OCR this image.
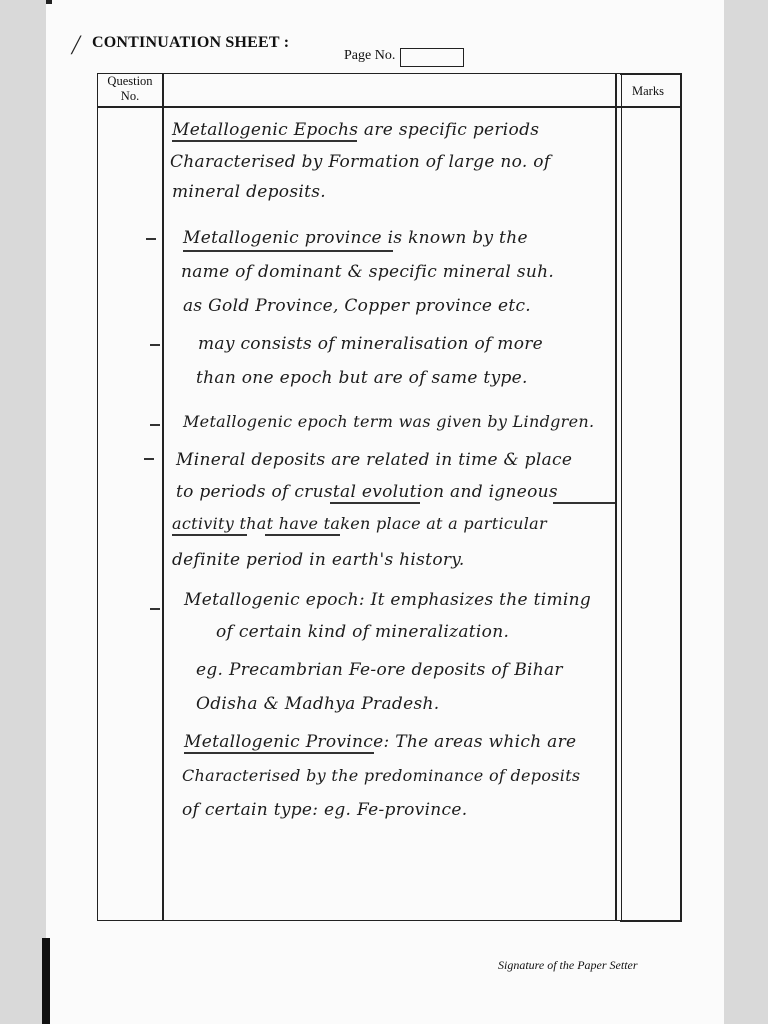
/ CONTINUATION SHEET :
Page No.
Question
No.	Marks
Metallogenic Epochs are specific periods
Characterised by Formation of large no. of
mineral deposits.
Metallogenic province is known by the
name of dominant & specific mineral suh.
as Gold Province, Copper province etc.
may consists of mineralisation of more
than one epoch but are of same type.
Metallogenic epoch term was given by Lindgren.
Mineral deposits are related in time & place
to periods of crustal evolution and igneous
activity that have taken place at a particular
definite period in earth's history.
Metallogenic epoch: It emphasizes the timing
of certain kind of mineralization.
eg. Precambrian Fe-ore deposits of Bihar
Odisha & Madhya Pradesh.
Metallogenic Province: The areas which are
Characterised by the predominance of deposits
of certain type: eg. Fe-province.
Signature of the Paper Setter
